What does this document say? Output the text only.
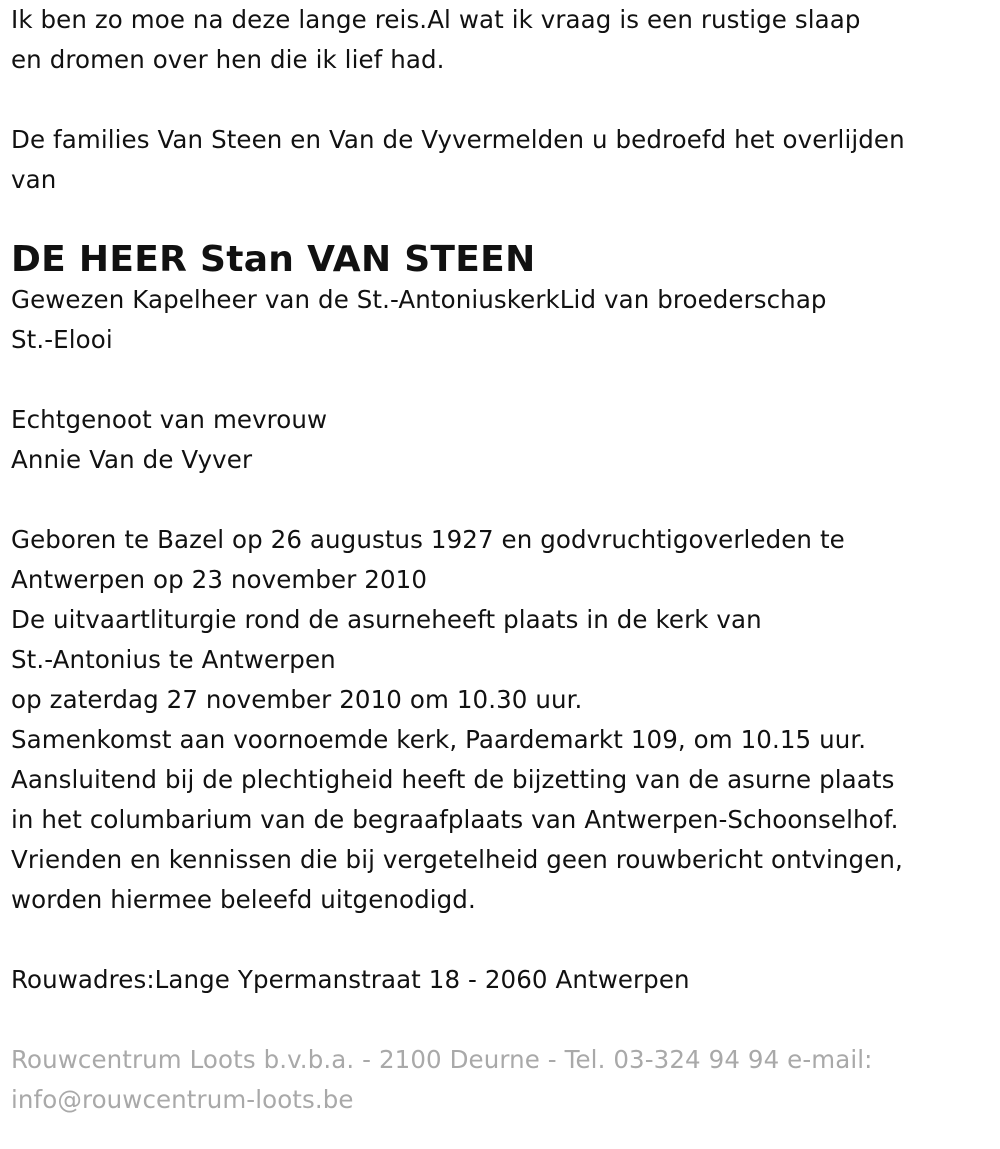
Ik ben zo moe na deze lange reis.Al wat ik vraag is een rustige slaap
en dromen over hen die ik lief had.
De families Van Steen en Van de Vyvermelden u bedroefd het overlijden
van
DE HEER Stan VAN STEEN
Gewezen Kapelheer van de St.-AntoniuskerkLid van broederschap
St.-Elooi
Echtgenoot van mevrouw
Annie Van de Vyver
Geboren te Bazel op 26 augustus 1927 en godvruchtigoverleden te
Antwerpen op 23 november 2010
De uitvaartliturgie rond de asurneheeft plaats in de kerk van
St.-Antonius te Antwerpen
op zaterdag 27 november 2010 om 10.30 uur.
Samenkomst aan voornoemde kerk, Paardemarkt 109, om 10.15 uur.
Aansluitend bij de plechtigheid heeft de bijzetting van de asurne plaats
in het columbarium van de begraafplaats van Antwerpen-Schoonselhof.
Vrienden en kennissen die bij vergetelheid geen rouwbericht ontvingen,
worden hiermee beleefd uitgenodigd.
Rouwadres:Lange Ypermanstraat 18 - 2060 Antwerpen
Rouwcentrum Loots b.v.b.a. - 2100 Deurne - Tel. 03-324 94 94 e-mail:
info@rouwcentrum-loots.be
